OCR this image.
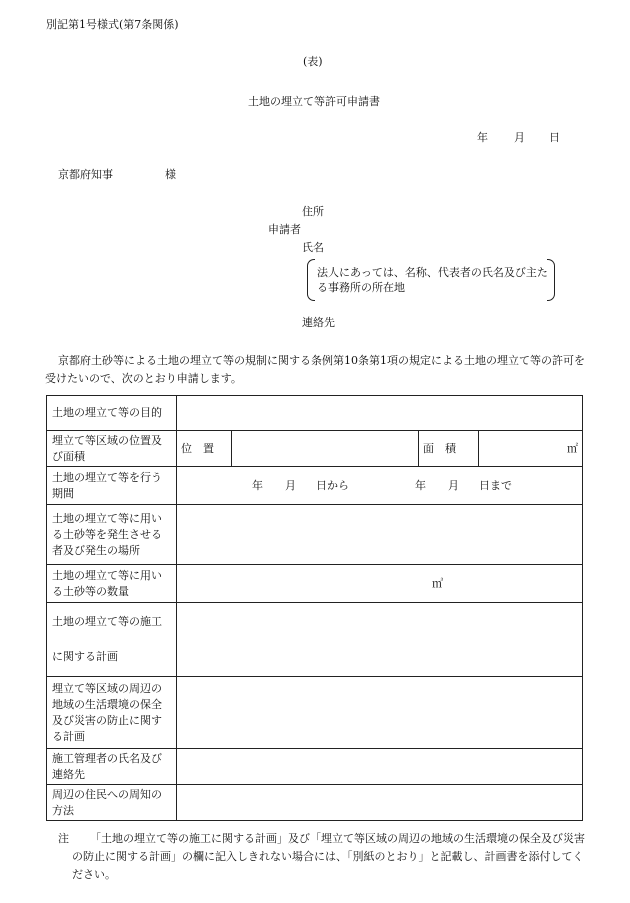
別記第1号様式(第7条関係)
(表)
土地の埋立て等許可申請書
年 月 日
京都府知事	様
住所
申請者
氏名
法人にあっては、名称、代表者の氏名及び主たる事務所の所在地
連絡先
京都府土砂等による土地の埋立て等の規制に関する条例第10条第1項の規定による土地の埋立て等の許可を受けたいので、次のとおり申請します。
土地の埋立て等の目的				
埋立て等区域の位置及び面積	位　置		面　積	㎡
土地の埋立て等を行う期間	年 月 日から 年 月 日まで			
土地の埋立て等に用いる土砂等を発生させる者及び発生の場所				
土地の埋立て等に用いる土砂等の数量	㎥			

土地の埋立て等の施工
に関する計画				

埋立て等区域の周辺の地域の生活環境の保全及び災害の防止に関する計画				
施工管理者の氏名及び連絡先				
周辺の住民への周知の方法				
注	「土地の埋立て等の施工に関する計画」及び「埋立て等区域の周辺の地域の生活環境の保全及び災害の防止に関する計画」の欄に記入しきれない場合には、「別紙のとおり」と記載し、計画書を添付してください。
